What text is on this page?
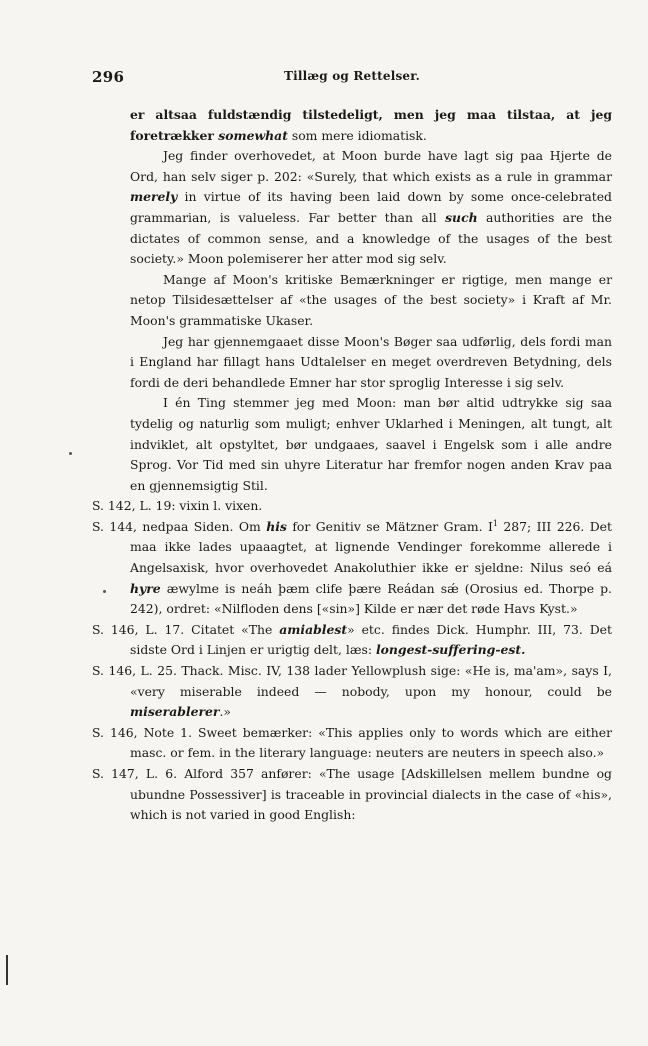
296	Tillæg og Rettelser.

er altsaa fuldstændig tilstedeligt, men jeg maa tilstaa, at jeg foretrækker somewhat som mere idiomatisk.

Jeg finder overhovedet, at Moon burde have lagt sig paa Hjerte de Ord, han selv siger p. 202: «Surely, that which exists as a rule in grammar merely in virtue of its having been laid down by some once-celebrated grammarian, is valueless. Far better than all such authorities are the dictates of common sense, and a knowledge of the usages of the best society.» Moon polemiserer her atter mod sig selv.

Mange af Moon's kritiske Bemærkninger er rigtige, men mange er netop Tilsidesættelser af «the usages of the best society» i Kraft af Mr. Moon's grammatiske Ukaser.

Jeg har gjennemgaaet disse Moon's Bøger saa udførlig, dels fordi man i England har fillagt hans Udtalelser en meget overdreven Betydning, dels fordi de deri behandlede Emner har stor sproglig Interesse i sig selv.

I én Ting stemmer jeg med Moon: man bør altid udtrykke sig saa tydelig og naturlig som muligt; enhver Uklarhed i Meningen, alt tungt, alt indviklet, alt opstyltet, bør undgaaes, saavel i Engelsk som i alle andre Sprog. Vor Tid med sin uhyre Literatur har fremfor nogen anden Krav paa en gjennemsigtig Stil.

S. 142, L. 19: vixin l. vixen.

S. 144, nedpaa Siden. Om his for Genitiv se Mätzner Gram. $I^1$ 287; III 226. Det maa ikke lades upaaagtet, at lignende Vendinger forekomme allerede i Angelsaxisk, hvor overhovedet Anakoluthier ikke er sjeldne: Nilus seó eá hyre æwylme is neáh þæm clife þære Reádan sǽ (Orosius ed. Thorpe p. 242), ordret: «Nilfloden dens [«sin»] Kilde er nær det røde Havs Kyst.»

S. 146, L. 17. Citatet «The amiablest» etc. findes Dick. Humphr. III, 73. Det sidste Ord i Linjen er urigtig delt, læs: longest-suffering-est.

S. 146, L. 25. Thack. Misc. IV, 138 lader Yellowplush sige: «He is, ma'am», says I, «very miserable indeed — nobody, upon my honour, could be miserablerer.»

S. 146, Note 1. Sweet bemærker: «This applies only to words which are either masc. or fem. in the literary language: neuters are neuters in speech also.»

S. 147, L. 6. Alford 357 anfører: «The usage [Adskillelsen mellem bundne og ubundne Possessiver] is traceable in provincial dialects in the case of «his», which is not varied in good English:
